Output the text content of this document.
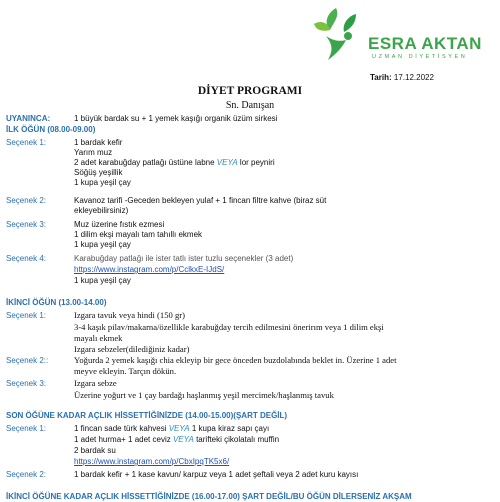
ESRA AKTAN
UZMAN DİYETİSYEN
Tarih: 17.12.2022
DİYET PROGRAMI
Sn. Danışan
UYANINCA:	1 büyük bardak su + 1 yemek kaşığı organik üzüm sirkesi
İLK ÖĞÜN (08.00-09.00)
Seçenek 1:	1 bardak kefir
Yarım muz
2 adet karabuğday patlağı üstüne labne VEYA lor peyniri
Söğüş yeşillik
1 kupa yeşil çay
Seçenek 2:	Kavanoz tarifi -Geceden bekleyen yulaf + 1 fincan filtre kahve (biraz süt
ekleyebilirsiniz)
Seçenek 3:	Muz üzerine fıstık ezmesi
1 dilim ekşi mayalı tam tahıllı ekmek
1 kupa yeşil çay
Seçenek 4:	Karabuğday patlağı ile ister tatlı ister tuzlu seçenekler (3 adet)
https://www.instagram.com/p/CclkxE-IJdS/
1 kupa yeşil çay
İKİNCİ ÖĞÜN (13.00-14.00)
Seçenek 1:	Izgara tavuk veya hindi (150 gr)
3-4 kaşık pilav/makarna/özellikle karabuğday tercih edilmesini önerirım veya 1 dilim ekşi
mayalı ekmek
Izgara sebzeler(dilediğiniz kadar)
Seçenek 2::	Yoğurda 2 yemek kaşığı chia ekleyip bir gece önceden buzdolabında beklet in. Üzerine 1 adet
meyve ekleyin. Tarçın dökün.
Seçenek 3:	Izgara sebze
Üzerine yoğurt ve 1 çay bardağı haşlanmış yeşil mercimek/haşlanmış tavuk
SON ÖĞÜNE KADAR AÇLIK HİSSETTİĞİNİZDE (14.00-15.00)(ŞART DEĞİL)
Seçenek 1:	1 fincan sade türk kahvesi VEYA 1 kupa kiraz sapı çayı
1 adet hurma+ 1 adet ceviz VEYA tarifteki çikolatalı muffin
2 bardak su
https://www.instagram.com/p/CbxIpqTK5x6/
Seçenek 2:	1 bardak kefir + 1 kase kavun/ karpuz veya 1 adet şeftali veya 2 adet kuru kayısı
İKİNCİ ÖĞÜNE KADAR AÇLIK HİSSETTİĞİNİZDE (16.00-17.00) ŞART DEĞİL/BU ÖĞÜN DİLERSENİZ AKŞAM
